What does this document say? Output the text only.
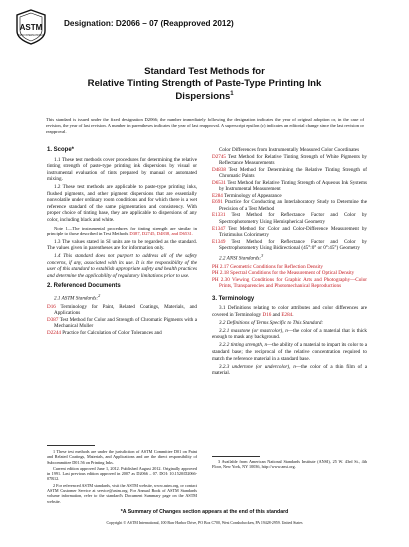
ASTM
ASTM INTERNATIONAL
Designation: D2066 – 07 (Reapproved 2012)
Standard Test Methods for
Relative Tinting Strength of Paste-Type Printing Ink
Dispersions$^1$
This standard is issued under the fixed designation D2066; the number immediately following the designation indicates the year of original adoption or, in the case of revision, the year of last revision. A number in parentheses indicates the year of last reapproval. A superscript epsilon (ε) indicates an editorial change since the last revision or reapproval.
1. Scope*

1.1 These test methods cover procedures for determining the relative tinting strength of paste-type printing ink dispersions by visual or instrumental evaluation of tints prepared by manual or automated mixing.

1.2 These test methods are applicable to paste-type printing inks, flushed pigments, and other pigment dispersions that are essentially nonvolatile under ordinary room conditions and for which there is a wet reference standard of the same pigmentation and consistency. With proper choice of tinting base, they are applicable to dispersions of any color, including black and white.

Note 1—The instrumental procedures for tinting strength are similar in principle to those described in Test Methods D387, D2745, D4838, and D6531.

1.3 The values stated in SI units are to be regarded as the standard. The values given in parentheses are for information only.

1.4 This standard does not purport to address all of the safety concerns, if any, associated with its use. It is the responsibility of the user of this standard to establish appropriate safety and health practices and determine the applicability of regulatory limitations prior to use.

2. Referenced Documents

2.1 ASTM Standards:$^2$

D16 Terminology for Paint, Related Coatings, Materials, and Applications
D387 Test Method for Color and Strength of Chromatic Pigments with a Mechanical Muller
D2244 Practice for Calculation of Color Tolerances and
Color Differences from Instrumentally Measured Color Coordinates
D2745 Test Method for Relative Tinting Strength of White Pigments by Reflectance Measurements
D4838 Test Method for Determining the Relative Tinting Strength of Chromatic Paints
D6531 Test Method for Relative Tinting Strength of Aqueous Ink Systems by Instrumental Measurement
E284 Terminology of Appearance
E691 Practice for Conducting an Interlaboratory Study to Determine the Precision of a Test Method
E1331 Test Method for Reflectance Factor and Color by Spectrophotometry Using Hemispherical Geometry
E1347 Test Method for Color and Color-Difference Measurement by Tristimulus Colorimetry
E1349 Test Method for Reflectance Factor and Color by Spectrophotometry Using Bidirectional (45°:0° or 0°:45°) Geometry

2.2 ANSI Standards:$^3$

PH 2.17 Geometric Conditions for Reflection Density
PH 2.18 Spectral Conditions for the Measurement of Optical Density
PH 2.30 Viewing Conditions for Graphic Arts and Photography—Color Prints, Transparencies and Photomechanical Reproductions
3. Terminology

3.1 Definitions relating to color attributes and color differences are covered in Terminology D16 and E284.

3.2 Definitions of Terms Specific to This Standard:

3.2.1 masstone (or mastcolor), n—the color of a material that is thick enough to mask any background.

3.2.2 tinting strength, n—the ability of a material to impart its color to a standard base; the reciprocal of the relative concentration required to match the reference material in a standard base.

3.2.3 undertone (or undercolor), n—the color of a thin film of a material.

1 These test methods are under the jurisdiction of ASTM Committee D01 on Paint and Related Coatings, Materials, and Applications and are the direct responsibility of Subcommittee D01.56 on Printing Inks.

Current edition approved June 1, 2012. Published August 2012. Originally approved in 1991. Last previous edition approved in 2007 as D2066 – 07. DOI: 10.1520/D2066-07R12.

2 For referenced ASTM standards, visit the ASTM website, www.astm.org, or contact ASTM Customer Service at service@astm.org. For Annual Book of ASTM Standards volume information, refer to the standard's Document Summary page on the ASTM website.

3 Available from American National Standards Institute (ANSI), 25 W. 43rd St., 4th Floor, New York, NY 10036, http://www.ansi.org.

*A Summary of Changes section appears at the end of this standard
Copyright © ASTM International, 100 Barr Harbor Drive, PO Box C700, West Conshohocken, PA 19428-2959. United States
